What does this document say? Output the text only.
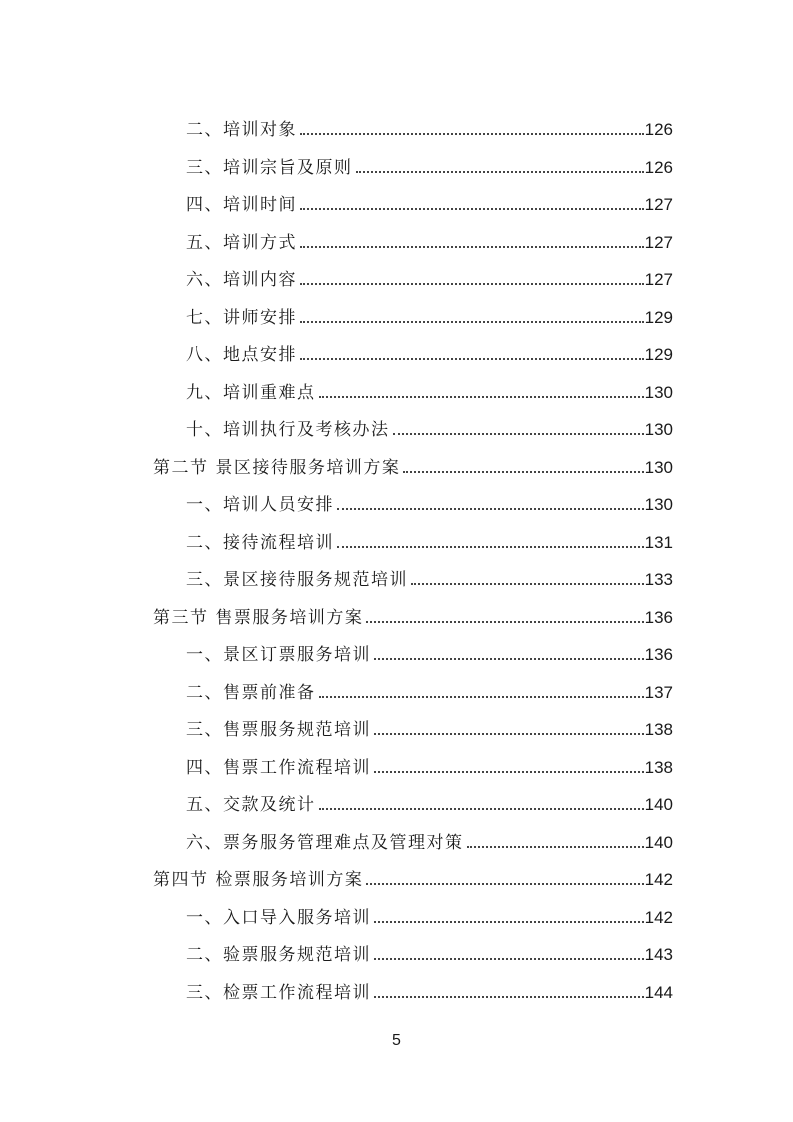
二、培训对象	126
三、培训宗旨及原则	126
四、培训时间	127
五、培训方式	127
六、培训内容	127
七、讲师安排	129
八、地点安排	129
九、培训重难点	130
十、培训执行及考核办法	130
第二节 景区接待服务培训方案	130
一、培训人员安排	130
二、接待流程培训	131
三、景区接待服务规范培训	133
第三节 售票服务培训方案	136
一、景区订票服务培训	136
二、售票前准备	137
三、售票服务规范培训	138
四、售票工作流程培训	138
五、交款及统计	140
六、票务服务管理难点及管理对策	140
第四节 检票服务培训方案	142
一、入口导入服务培训	142
二、验票服务规范培训	143
三、检票工作流程培训	144
5
